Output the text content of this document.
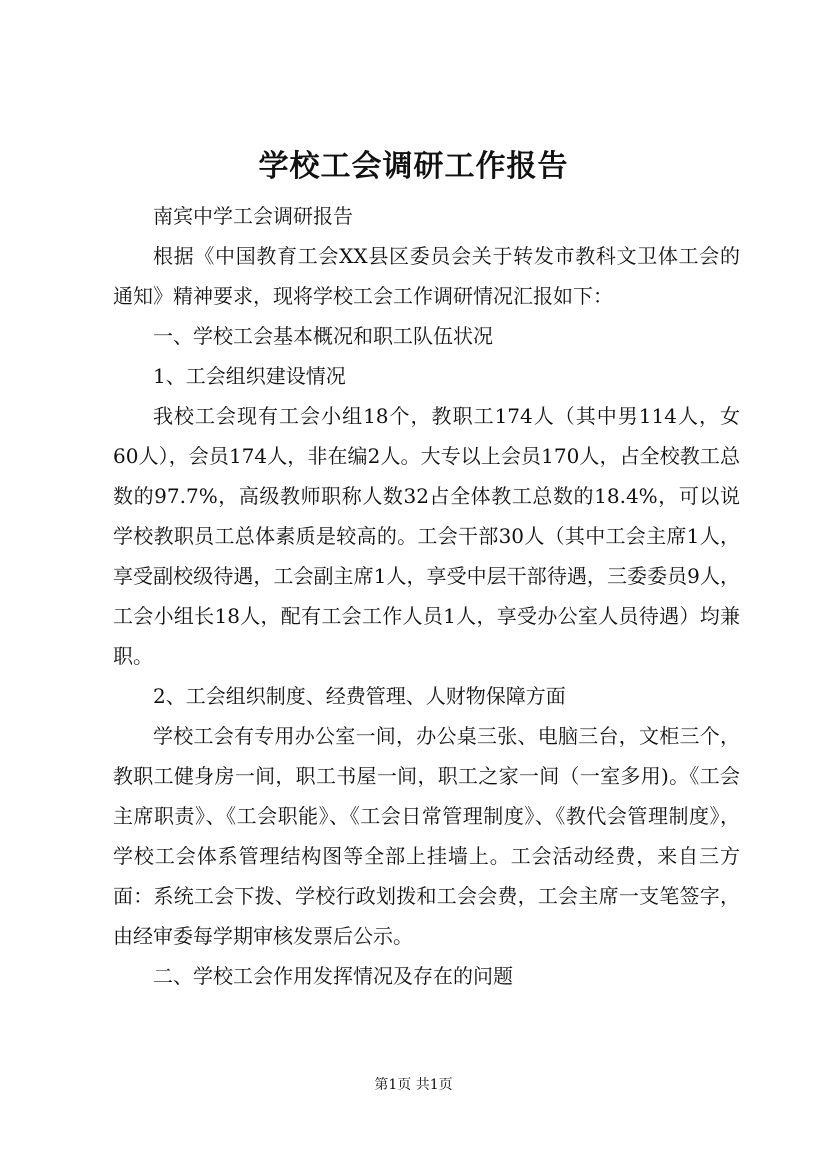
学校工会调研工作报告

南宾中学工会调研报告

根据《中国教育工会XX县区委员会关于转发市教科文卫体工会的通知》精神要求，现将学校工会工作调研情况汇报如下：

一、学校工会基本概况和职工队伍状况

1、工会组织建设情况

我校工会现有工会小组18个，教职工174人（其中男114人，女60人），会员174人，非在编2人。大专以上会员170人，占全校教工总数的97.7%，高级教师职称人数32占全体教工总数的18.4%，可以说学校教职员工总体素质是较高的。工会干部30人（其中工会主席1人，享受副校级待遇，工会副主席1人，享受中层干部待遇，三委委员9人，工会小组长18人，配有工会工作人员1人，享受办公室人员待遇）均兼职。

2、工会组织制度、经费管理、人财物保障方面

学校工会有专用办公室一间，办公桌三张、电脑三台，文柜三个，教职工健身房一间，职工书屋一间，职工之家一间（一室多用)。《工会主席职责》、《工会职能》、《工会日常管理制度》、《教代会管理制度》，学校工会体系管理结构图等全部上挂墙上。工会活动经费，来自三方面：系统工会下拨、学校行政划拨和工会会费，工会主席一支笔签字，由经审委每学期审核发票后公示。

二、学校工会作用发挥情况及存在的问题

第1页 共1页
